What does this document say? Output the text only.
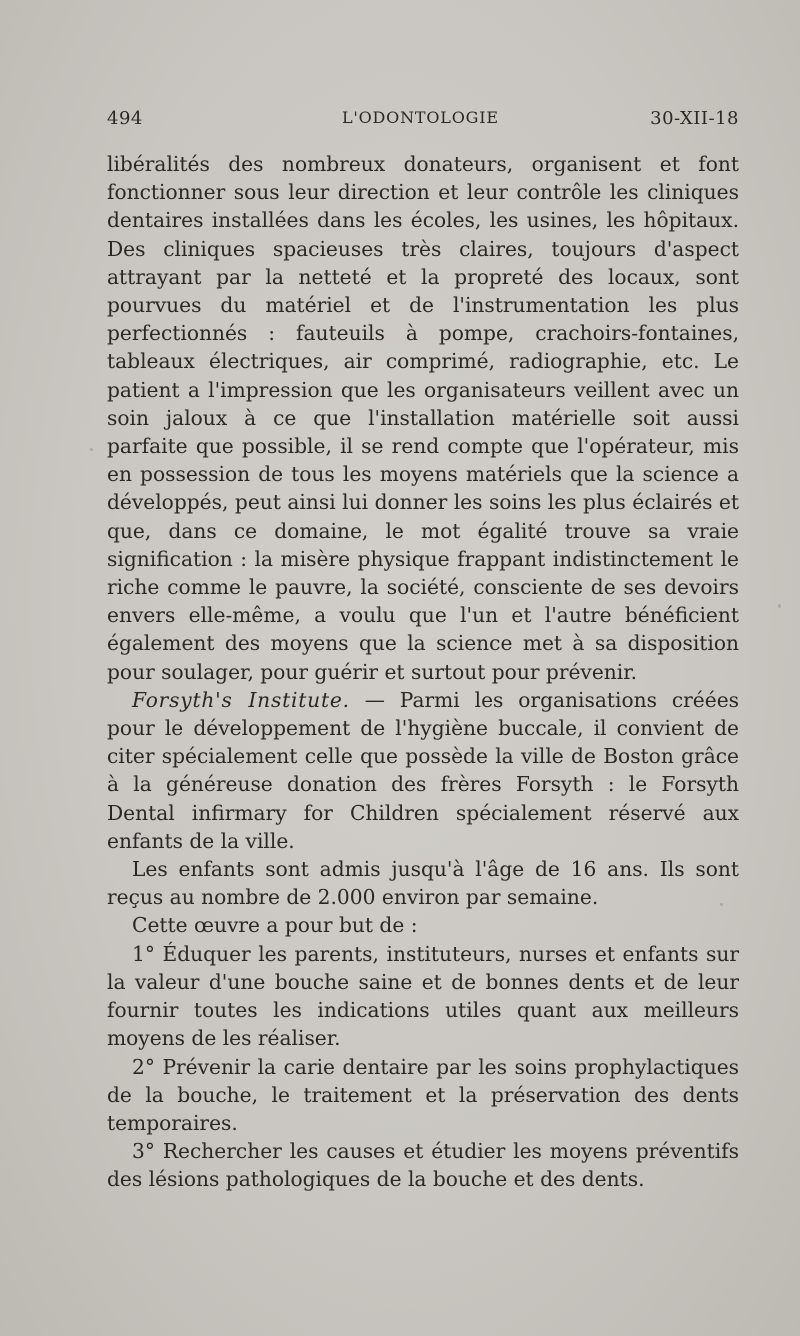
494	L'ODONTOLOGIE	30-XII-18

libéralités des nombreux donateurs, organisent et font fonctionner sous leur direction et leur contrôle les cliniques dentaires installées dans les écoles, les usines, les hôpitaux. Des cliniques spacieuses très claires, toujours d'aspect attrayant par la netteté et la propreté des locaux, sont pourvues du matériel et de l'instrumentation les plus perfectionnés : fauteuils à pompe, crachoirs-fontaines, tableaux électriques, air comprimé, radiographie, etc. Le patient a l'impression que les organisateurs veillent avec un soin jaloux à ce que l'installation matérielle soit aussi parfaite que possible, il se rend compte que l'opérateur, mis en possession de tous les moyens matériels que la science a développés, peut ainsi lui donner les soins les plus éclairés et que, dans ce domaine, le mot égalité trouve sa vraie signification : la misère physique frappant indistinctement le riche comme le pauvre, la société, consciente de ses devoirs envers elle-même, a voulu que l'un et l'autre bénéficient également des moyens que la science met à sa disposition pour soulager, pour guérir et surtout pour prévenir.

Forsyth's Institute. — Parmi les organisations créées pour le développement de l'hygiène buccale, il convient de citer spécialement celle que possède la ville de Boston grâce à la généreuse donation des frères Forsyth : le Forsyth Dental infirmary for Children spécialement réservé aux enfants de la ville.

Les enfants sont admis jusqu'à l'âge de 16 ans. Ils sont reçus au nombre de 2.000 environ par semaine.

Cette œuvre a pour but de :

1° Éduquer les parents, instituteurs, nurses et enfants sur la valeur d'une bouche saine et de bonnes dents et de leur fournir toutes les indications utiles quant aux meilleurs moyens de les réaliser.

2° Prévenir la carie dentaire par les soins prophylactiques de la bouche, le traitement et la préservation des dents temporaires.

3° Rechercher les causes et étudier les moyens préventifs des lésions pathologiques de la bouche et des dents.
